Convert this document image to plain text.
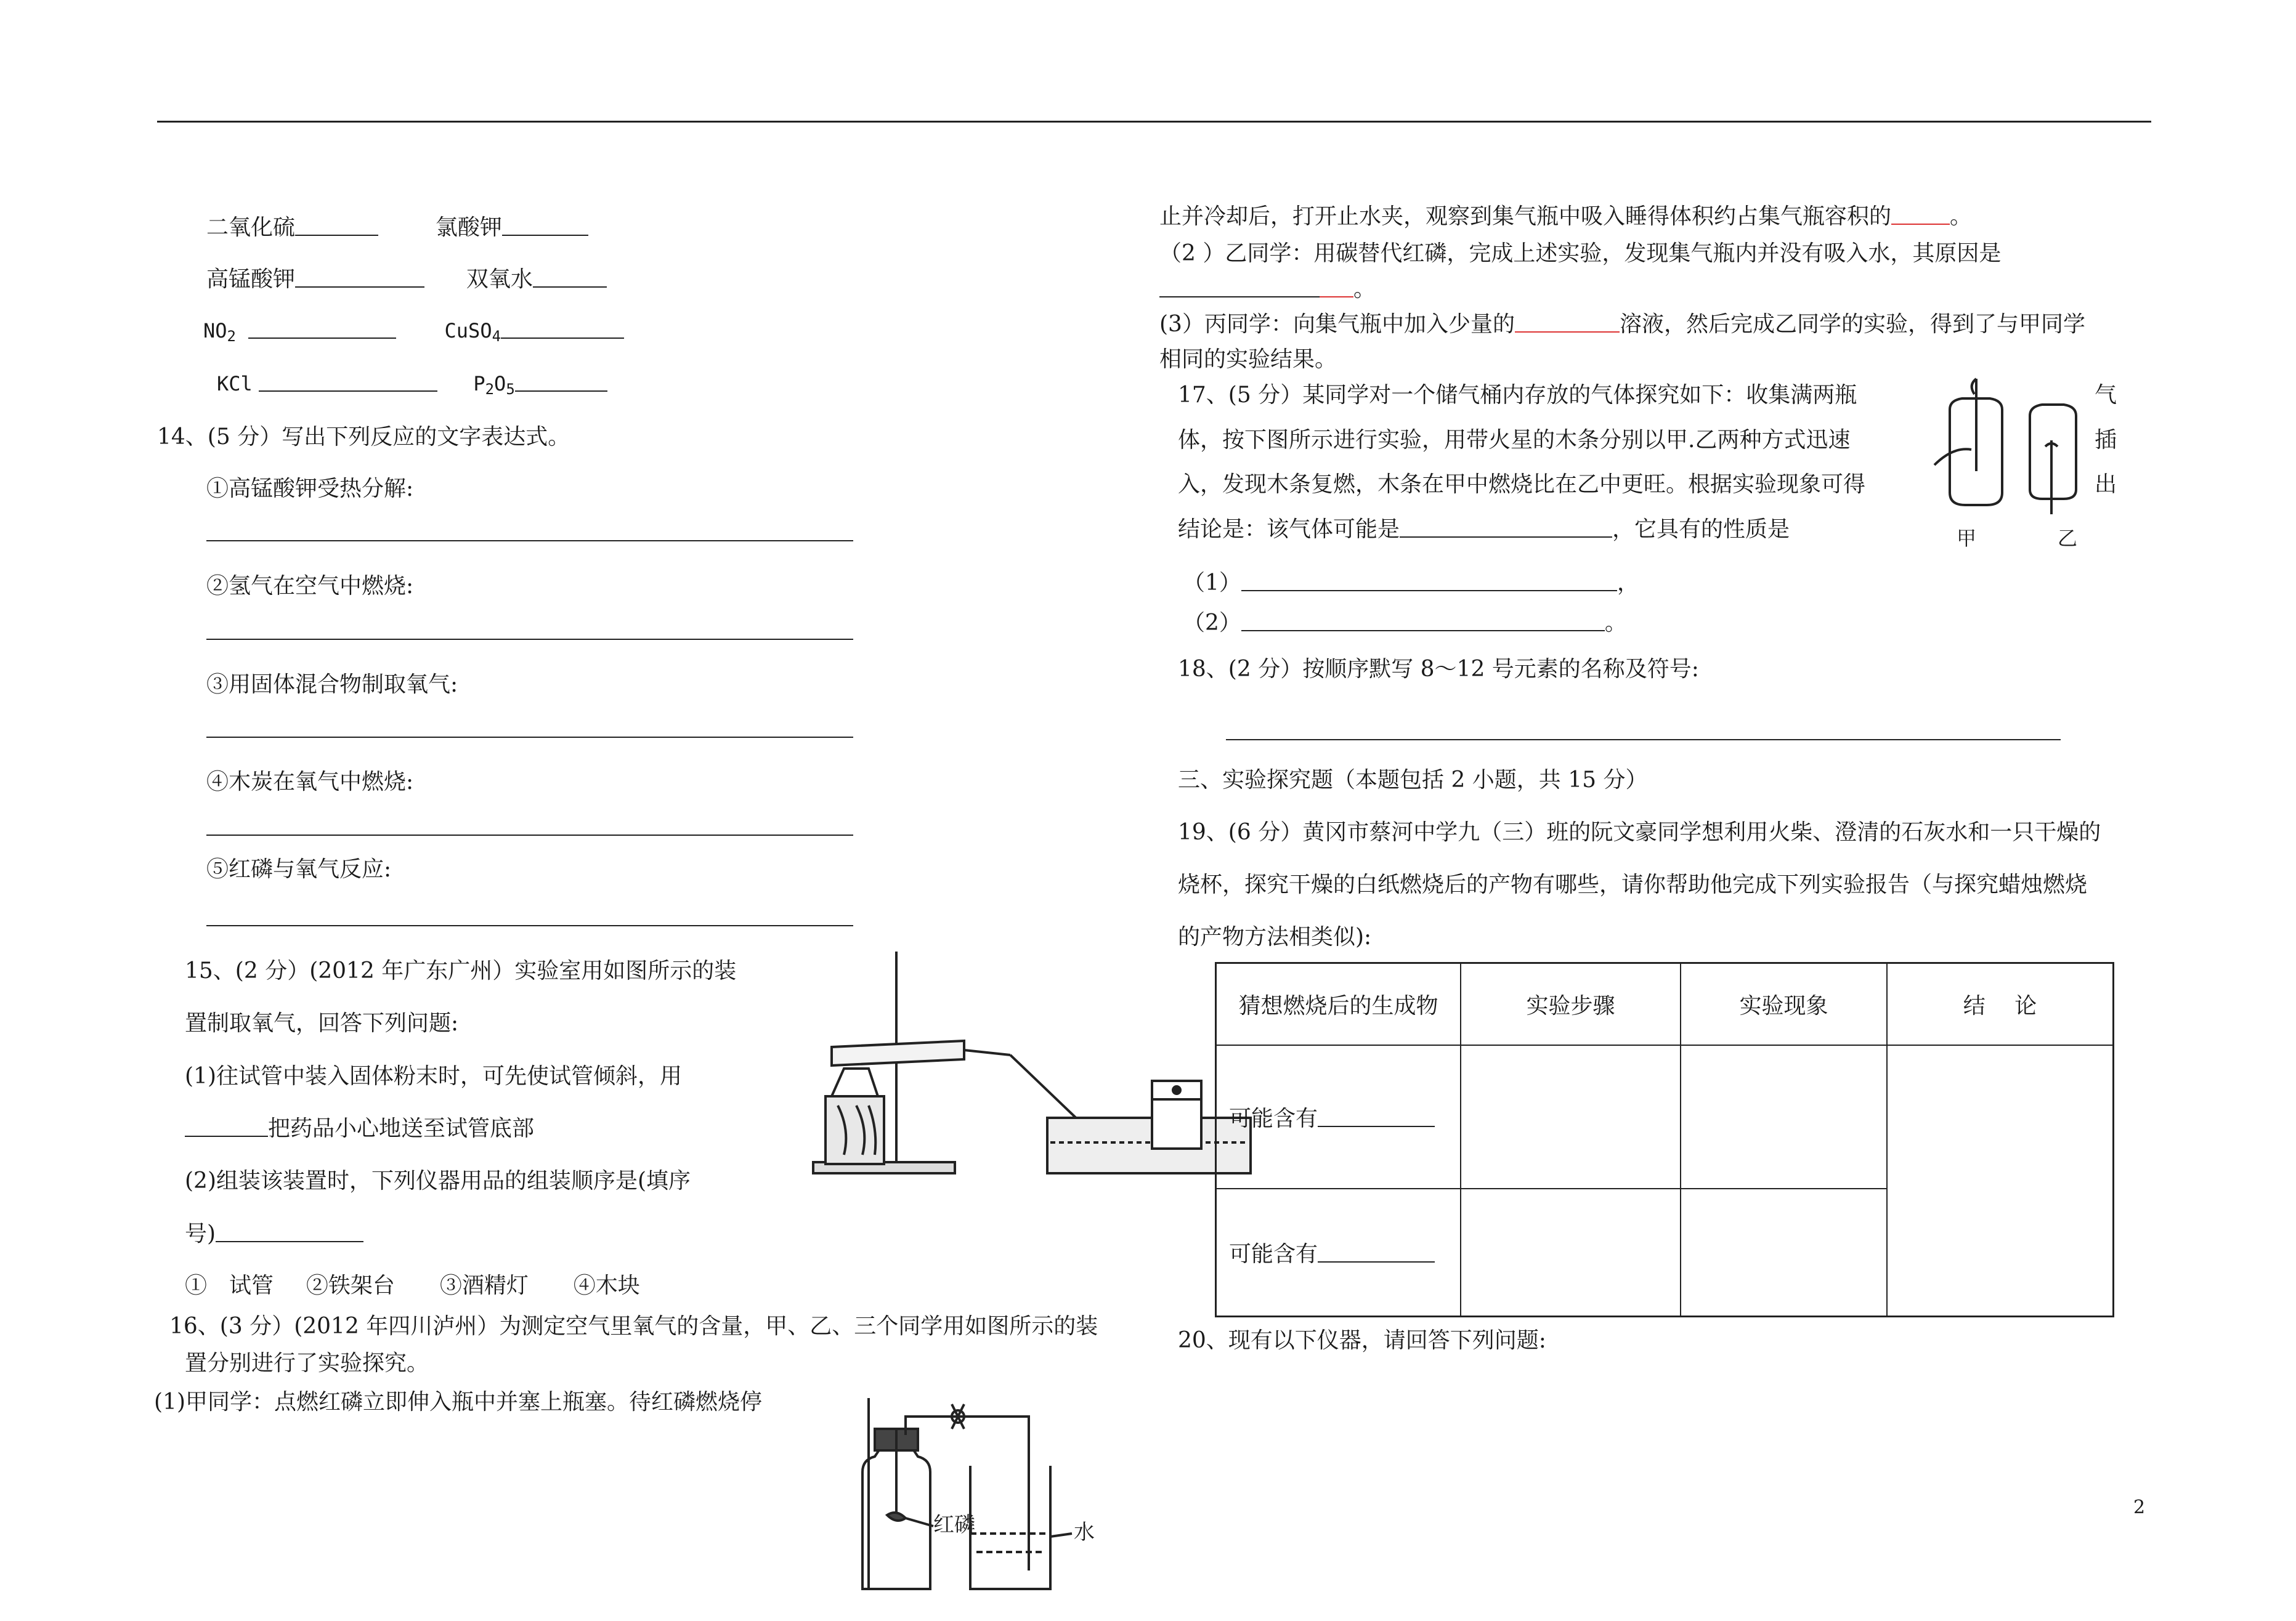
二氧化硫	氯酸钾
高锰酸钾	双氧水
$NO_2$	CuSO$_4$
KCl	$P_2O_5$
14、(5 分）写出下列反应的文字表达式。
①高锰酸钾受热分解:
②氢气在空气中燃烧:
③用固体混合物制取氧气:
④木炭在氧气中燃烧:
⑤红磷与氧气反应:
15、(2 分）(2012 年广东广州）实验室用如图所示的装
置制取氧气，回答下列问题:
(1)往试管中装入固体粉末时，可先使试管倾斜，用
把药品小心地送至试管底部
(2)组装该装置时，下列仪器用品的组装顺序是(填序
号)
①　试管 ②铁架台 ③酒精灯 ④木块
16、(3 分）(2012 年四川泸州）为测定空气里氧气的含量，甲、乙、三个同学用如图所示的装
置分别进行了实验探究。
(1)甲同学：点燃红磷立即伸入瓶中并塞上瓶塞。待红磷燃烧停
红磷	水
止并冷却后，打开止水夹，观察到集气瓶中吸入睡得体积约占集气瓶容积的	。
（2 ）乙同学：用碳替代红磷，完成上述实验，发现集气瓶内并没有吸入水，其原因是
。
(3）丙同学：向集气瓶中加入少量的	溶液，然后完成乙同学的实验，得到了与甲同学
相同的实验结果。
17、(5 分）某同学对一个储气桶内存放的气体探究如下：收集满两瓶
体，按下图所示进行实验，用带火星的木条分别以甲.乙两种方式迅速
入，发现木条复燃，木条在甲中燃烧比在乙中更旺。根据实验现象可得
结论是：该气体可能是	，它具有的性质是
气
插
出
甲	乙
（1）	，
（2）	。
18、(2 分）按顺序默写 8～12 号元素的名称及符号:
三、实验探究题（本题包括 2 小题，共 15 分）
19、(6 分）黄冈市蔡河中学九（三）班的阮文豪同学想利用火柴、澄清的石灰水和一只干燥的
烧杯，探究干燥的白纸燃烧后的产物有哪些，请你帮助他完成下列实验报告（与探究蜡烛燃烧
的产物方法相类似):
猜想燃烧后的生成物	实验步骤	实验现象	结　 论
可能含有			
可能含有			
20、现有以下仪器，请回答下列问题:
2
